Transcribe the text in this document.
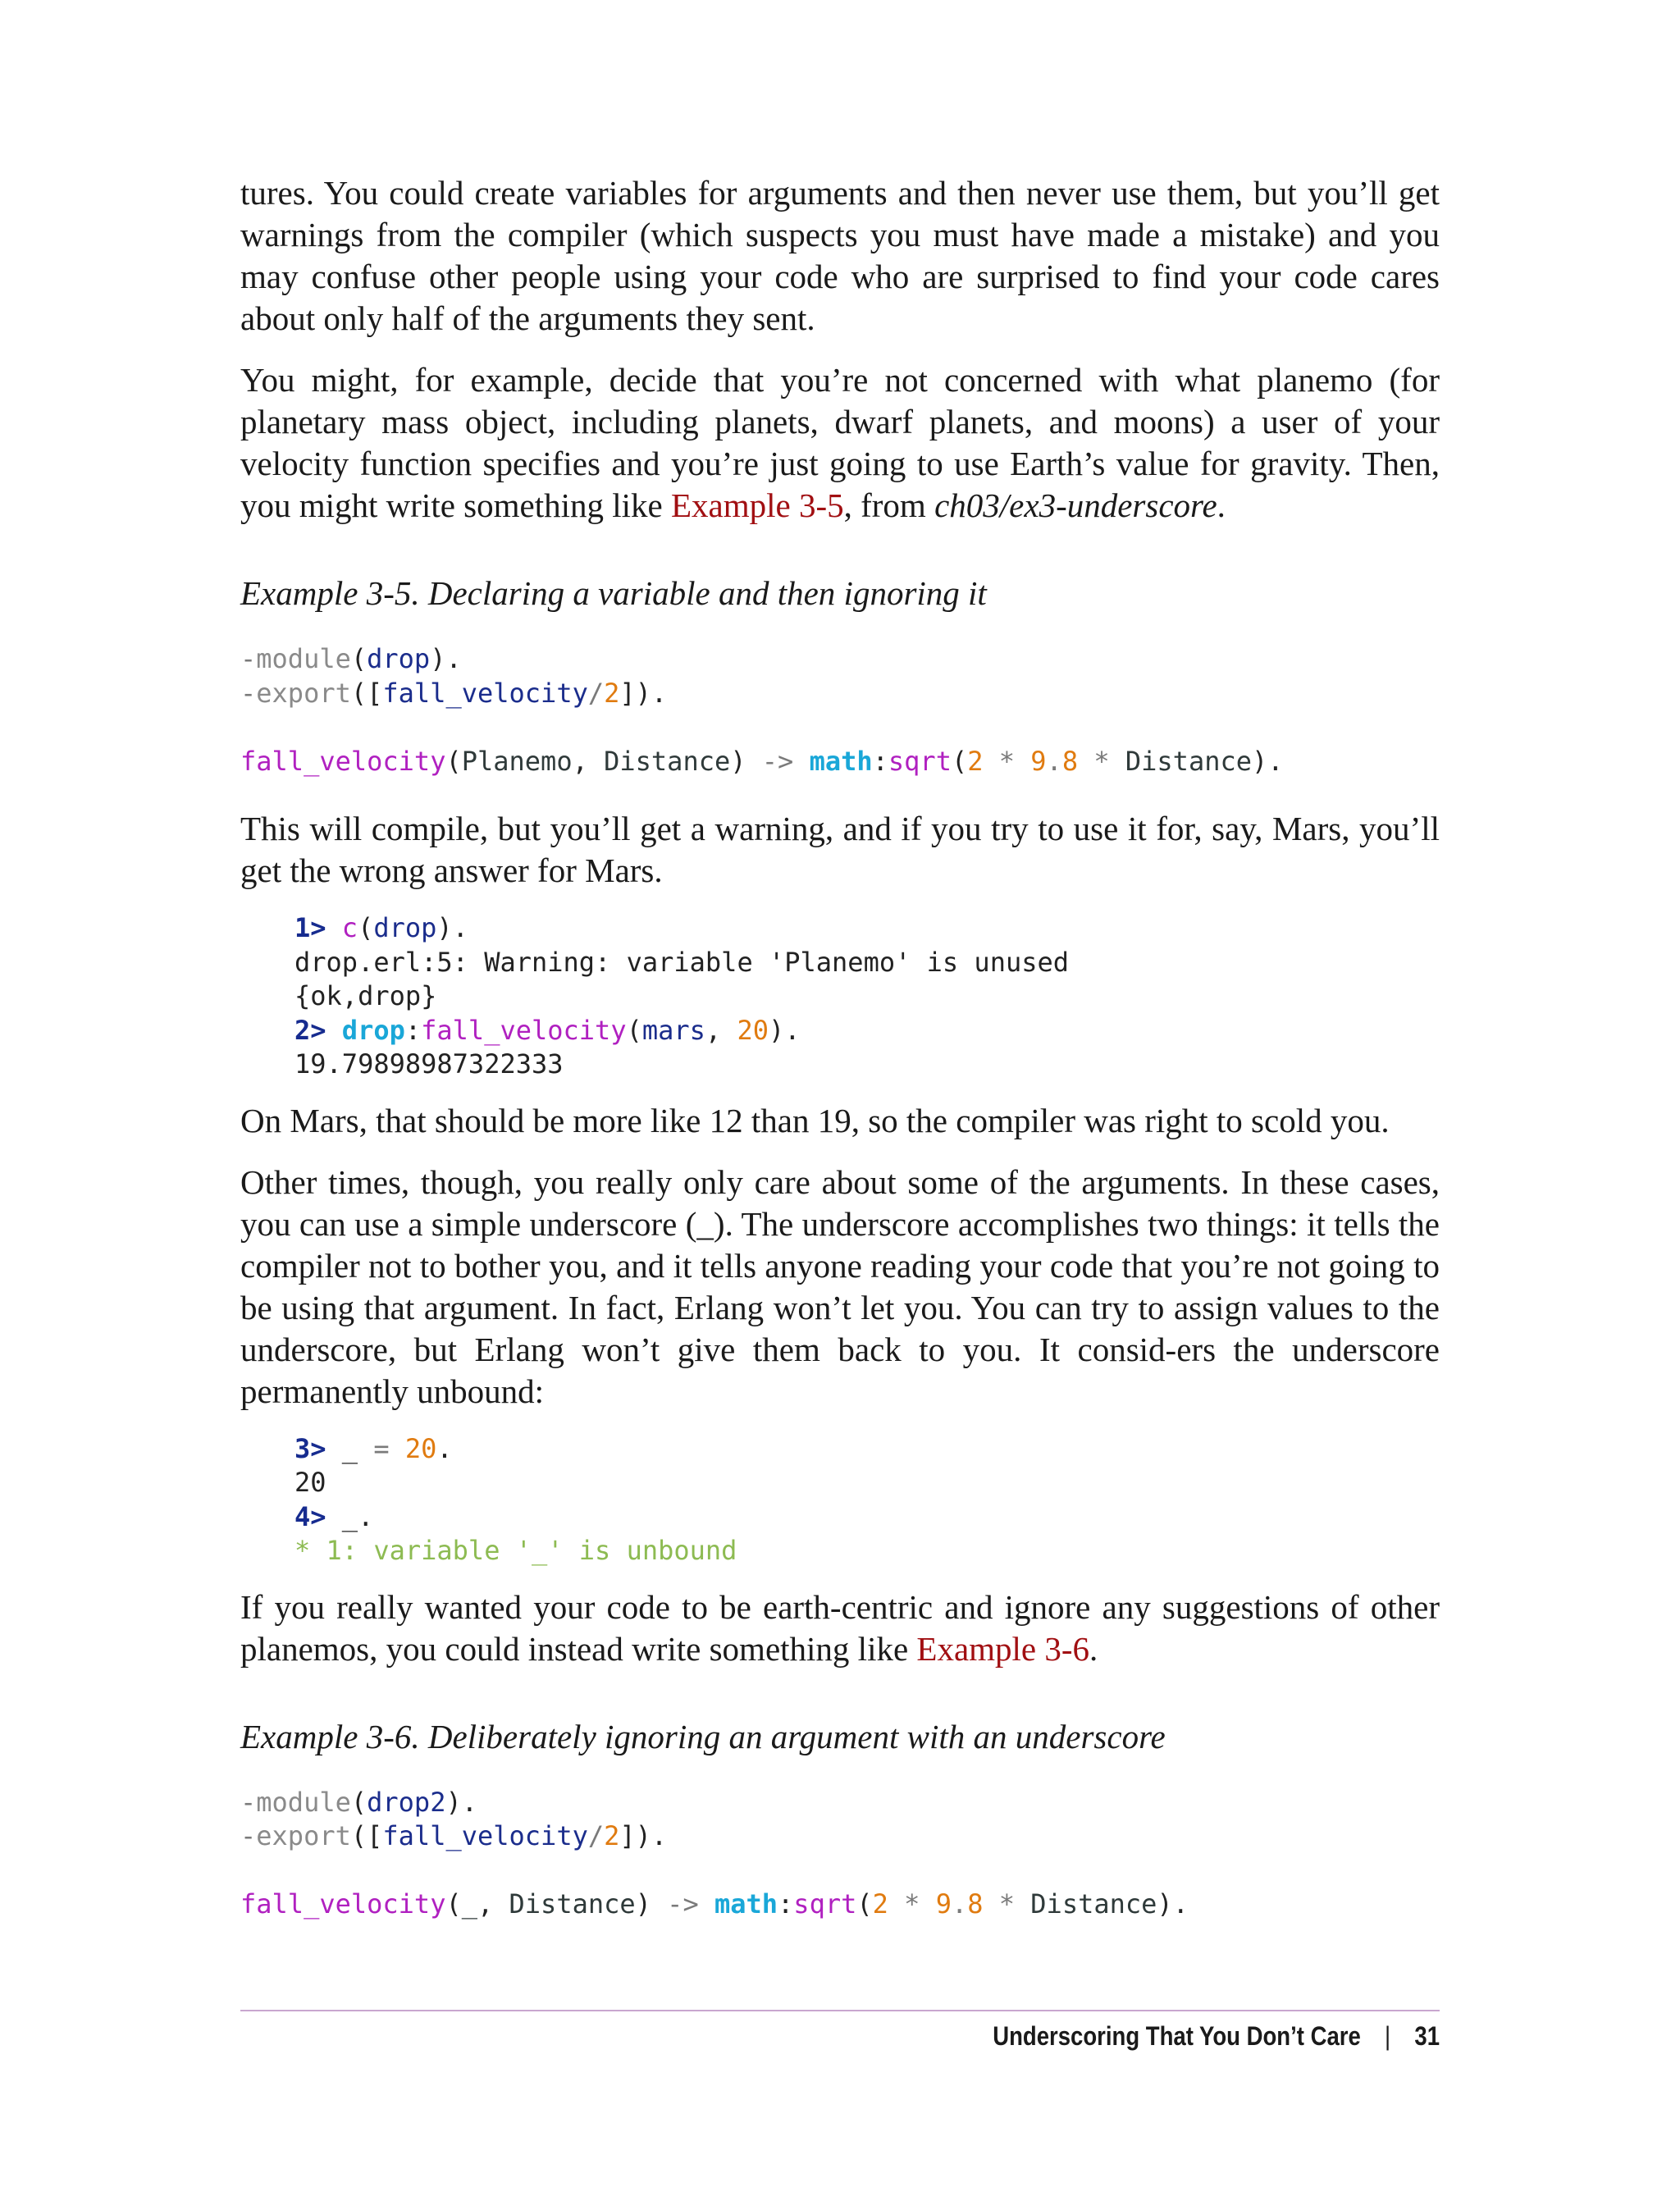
tures. You could create variables for arguments and then never use them, but you’ll get warnings from the compiler (which suspects you must have made a mistake) and you may confuse other people using your code who are surprised to find your code cares about only half of the arguments they sent.

You might, for example, decide that you’re not concerned with what planemo (for planetary mass object, including planets, dwarf planets, and moons) a user of your velocity function specifies and you’re just going to use Earth’s value for gravity. Then, you might write something like Example 3-5, from ch03/ex3-underscore.

Example 3-5. Declaring a variable and then ignoring it
-module(drop).
-export([fall_velocity/2]).

fall_velocity(Planemo, Distance) -> math:sqrt(2 * 9.8 * Distance).

This will compile, but you’ll get a warning, and if you try to use it for, say, Mars, you’ll get the wrong answer for Mars.

1> c(drop).
drop.erl:5: Warning: variable 'Planemo' is unused
{ok,drop}
2> drop:fall_velocity(mars, 20).
19.79898987322333

On Mars, that should be more like 12 than 19, so the compiler was right to scold you.

Other times, though, you really only care about some of the arguments. In these cases, you can use a simple underscore (_). The underscore accomplishes two things: it tells the compiler not to bother you, and it tells anyone reading your code that you’re not going to be using that argument. In fact, Erlang won’t let you. You can try to assign values to the underscore, but Erlang won’t give them back to you. It consid‐ers the underscore permanently unbound:

3> _ = 20.
20
4> _.
* 1: variable '_' is unbound

If you really wanted your code to be earth-centric and ignore any suggestions of other planemos, you could instead write something like Example 3-6.

Example 3-6. Deliberately ignoring an argument with an underscore
-module(drop2).
-export([fall_velocity/2]).

fall_velocity(_, Distance) -> math:sqrt(2 * 9.8 * Distance).
Underscoring That You Don’t Care | 31
